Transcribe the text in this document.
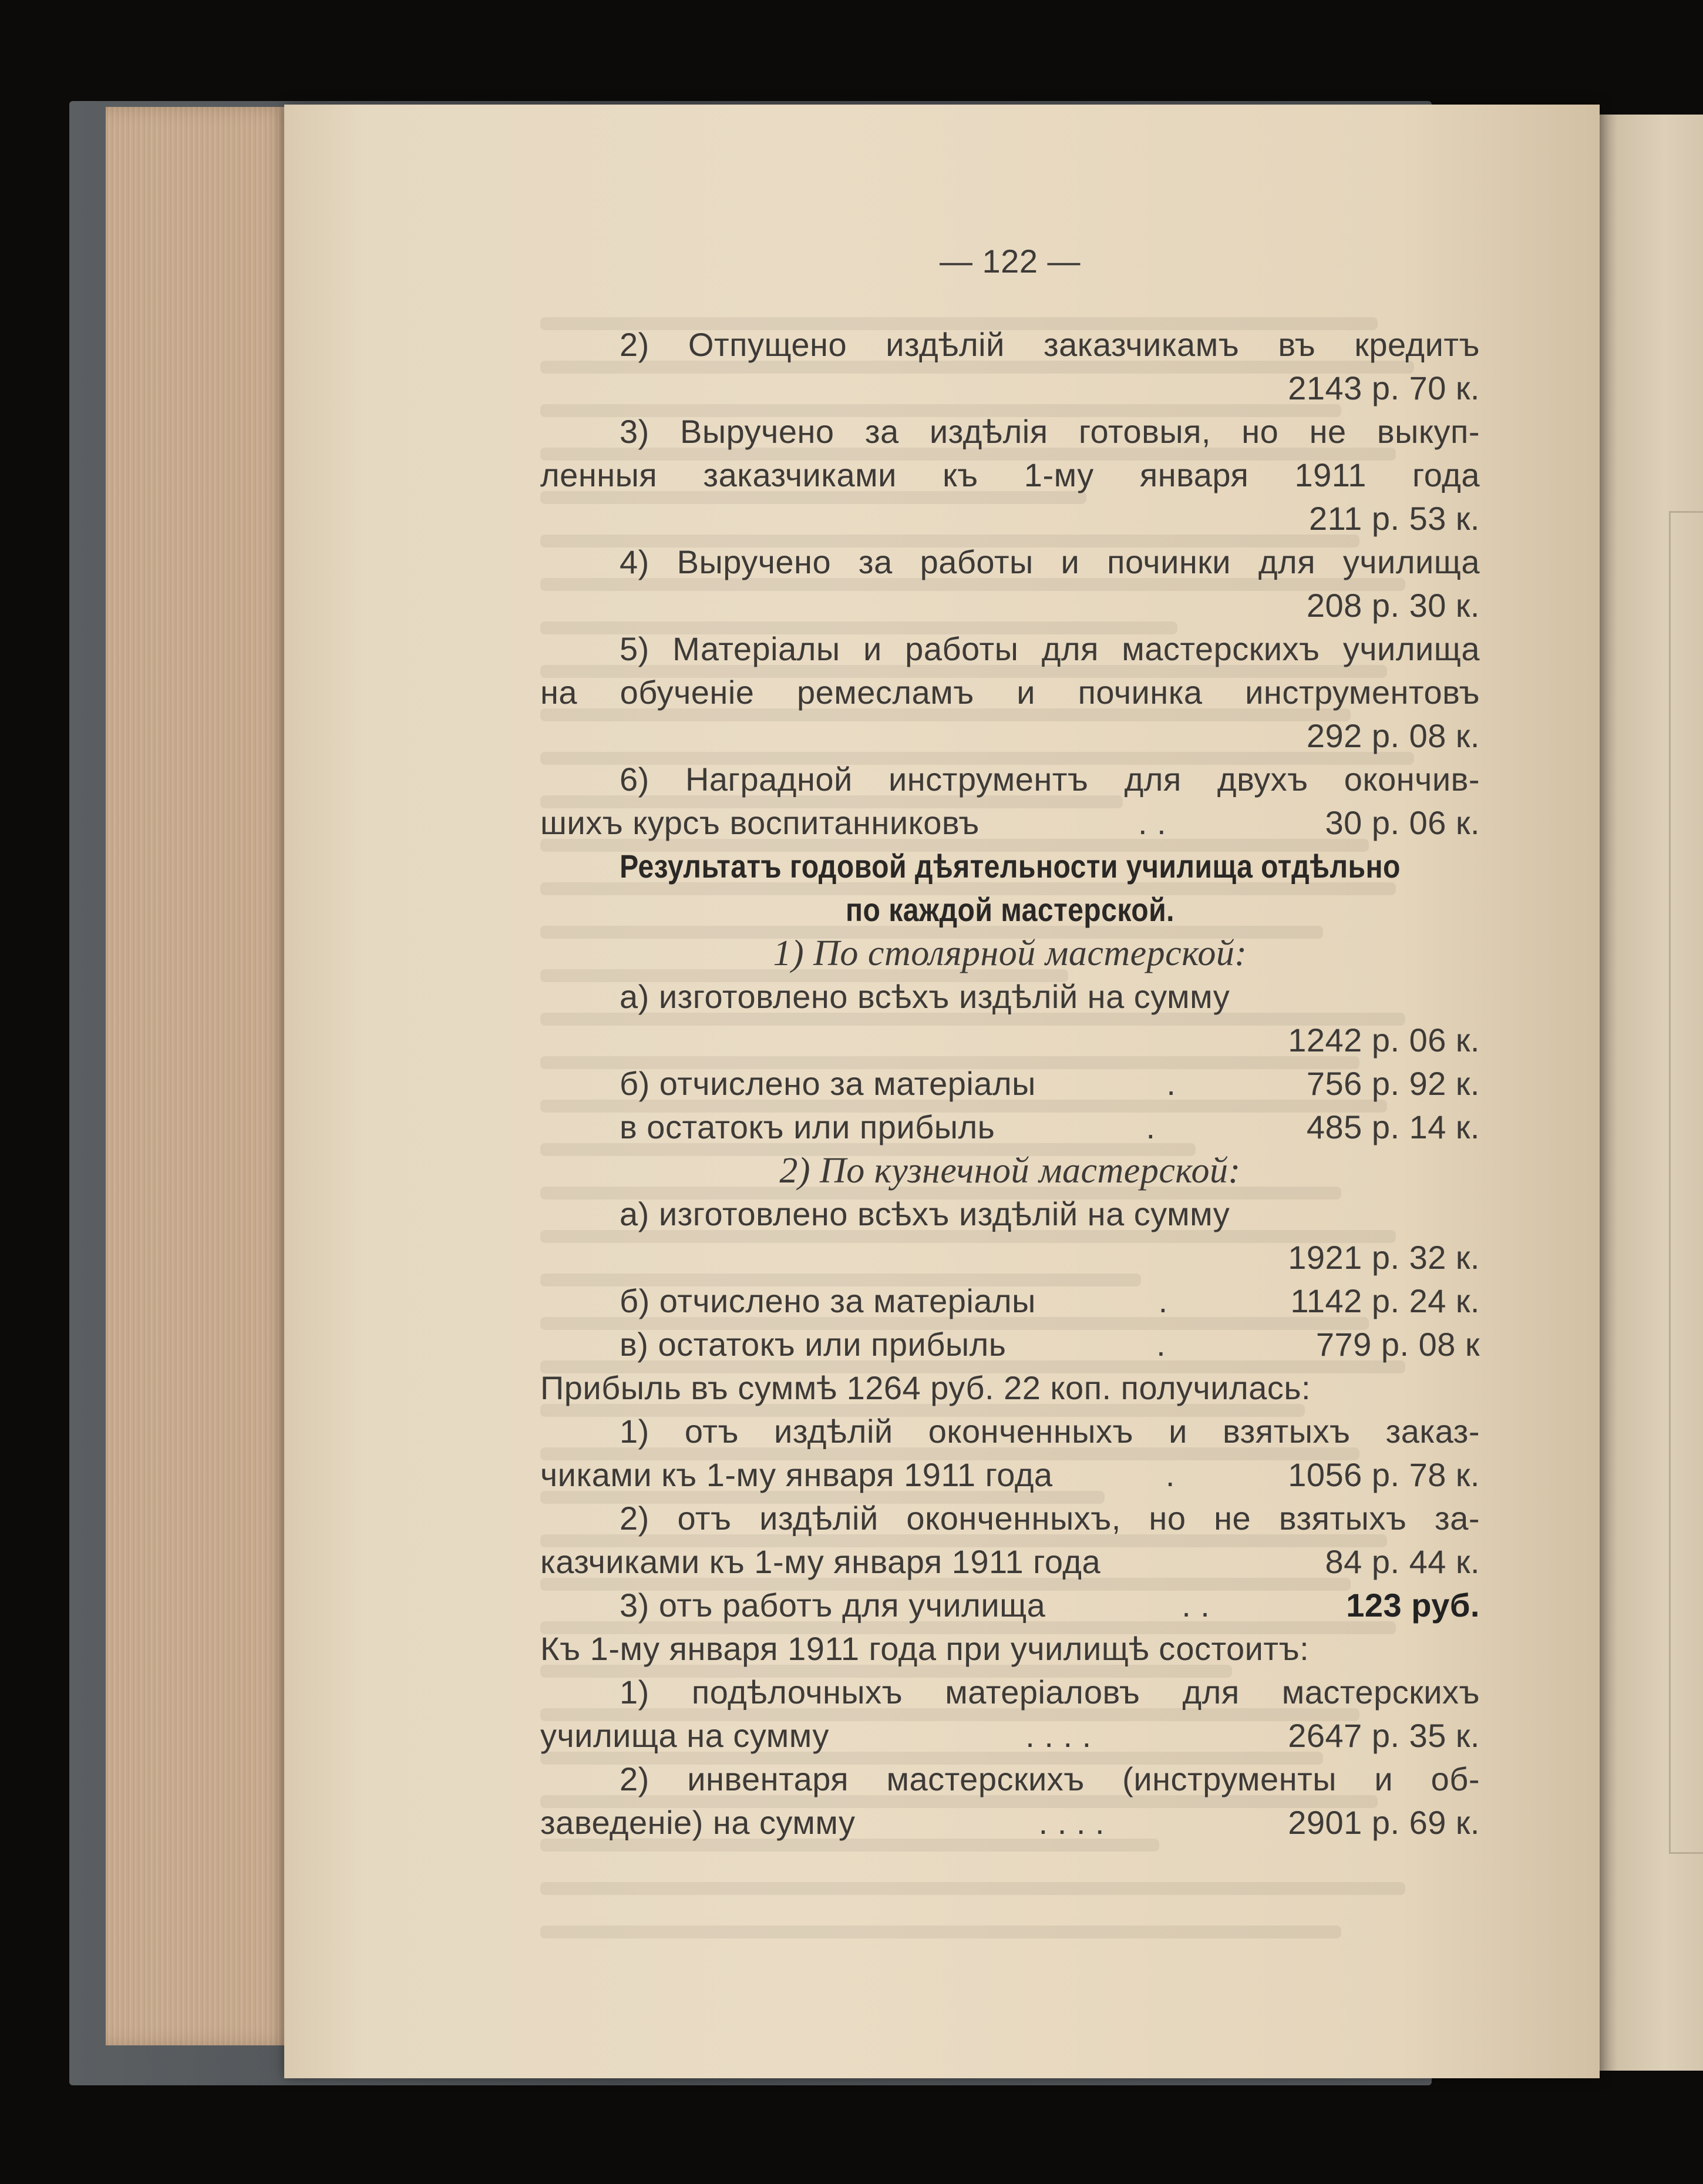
— 122 —
2) Отпущено издѣлій заказчикамъ въ кредитъ
2143 р. 70 к.
3) Выручено за издѣлія готовыя, но не выкуп-
ленныя заказчиками къ 1-му января 1911 года
211 р. 53 к.
4) Выручено за работы и починки для училища
208 р. 30 к.
5) Матеріалы и работы для мастерскихъ училища
на обученіе ремесламъ и починка инструментовъ
292 р. 08 к.
6) Наградной инструментъ для двухъ окончив-
шихъ курсъ воспитанниковъ	. .	30 р. 06 к.
Результатъ годовой дѣятельности училища отдѣльно
по каждой мастерской.
1) По столярной мастерской:
а) изготовлено всѣхъ издѣлій на сумму
1242 р. 06 к.
б) отчислено за матеріалы	.	756 р. 92 к.
в остатокъ или прибыль	.	485 р. 14 к.
2) По кузнечной мастерской:
а) изготовлено всѣхъ издѣлій на сумму
1921 р. 32 к.
б) отчислено за матеріалы	.	1142 р. 24 к.
в) остатокъ или прибыль	.	779 р. 08 к
Прибыль въ суммѣ 1264 руб. 22 коп. получилась:
1) отъ издѣлій оконченныхъ и взятыхъ заказ-
чиками къ 1-му января 1911 года	.	1056 р. 78 к.
2) отъ издѣлій оконченныхъ, но не взятыхъ за-
казчиками къ 1-му января 1911 года	84 р. 44 к.
3) отъ работъ для училища	. .	123 руб.
Къ 1-му января 1911 года при училищѣ состоитъ:
1) подѣлочныхъ матеріаловъ для мастерскихъ
училища на сумму	. . . .	2647 р. 35 к.
2) инвентаря мастерскихъ (инструменты и об-
заведеніе) на сумму	. . . .	2901 р. 69 к.
